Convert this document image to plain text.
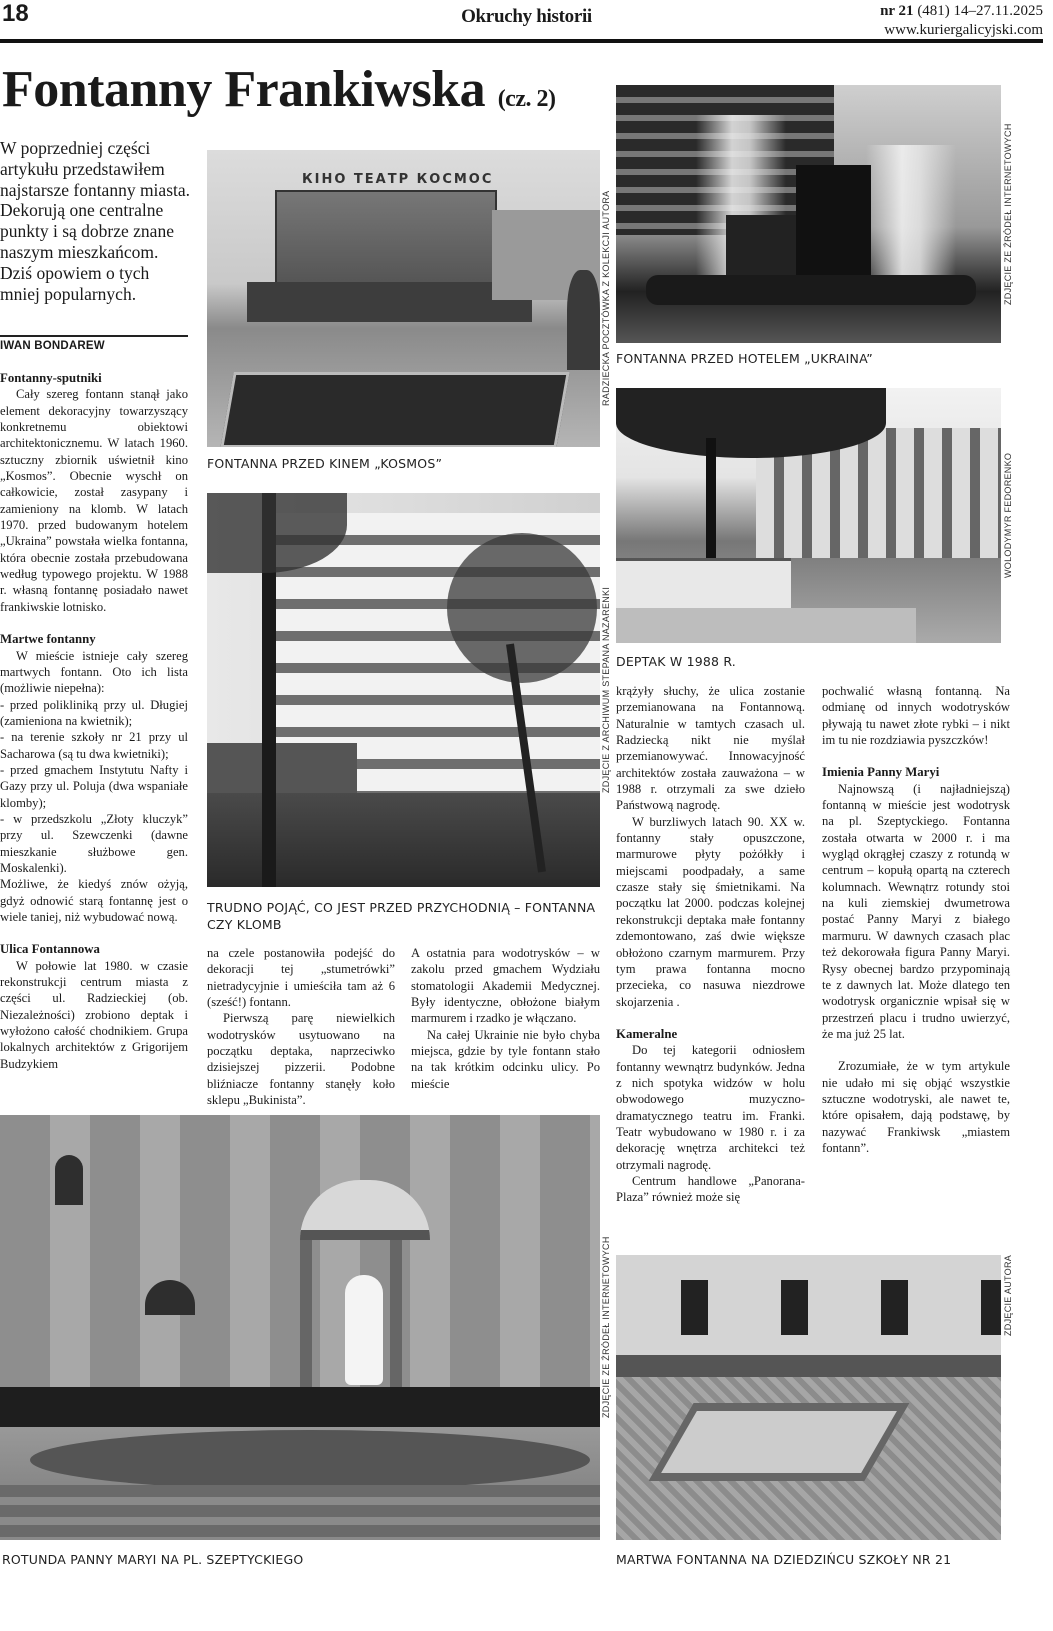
18	Okruchy historii	nr 21 (481) 14–27.11.2025
www.kuriergalicyjski.com
Fontanny Frankiwska (cz. 2)
W poprzedniej części artykułu przedstawiłem najstarsze fontanny miasta. Dekorują one centralne punkty i są dobrze znane naszym mieszkańcom. Dziś opowiem o tych mniej popularnych.
IWAN BONDAREW
Fontanny-sputniki

Cały szereg fontann stanął jako element dekoracyjny towarzyszący konkretnemu obiektowi architektonicznemu. W latach 1960. sztuczny zbiornik uświetnił kino „Kosmos”. Obecnie wyschł on całkowicie, został zasypany i zamieniony na klomb. W latach 1970. przed budowanym hotelem „Ukraina” powstała wielka fontanna, która obecnie została przebudowana według typowego projektu. W 1988 r. własną fontannę posiadało nawet frankiwskie lotnisko.

Martwe fontanny

W mieście istnieje cały szereg martwych fontann. Oto ich lista (możliwie niepełna):

- przed polikliniką przy ul. Długiej (zamieniona na kwietnik);

- na terenie szkoły nr 21 przy ul Sacharowa (są tu dwa kwietniki);

- przed gmachem Instytutu Nafty i Gazy przy ul. Poluja (dwa wspaniałe klomby);

- w przedszkolu „Złoty kluczyk” przy ul. Szewczenki (dawne mieszkanie służbowe gen. Moskalenki).

Możliwe, że kiedyś znów ożyją, gdyż odnowić starą fontannę jest o wiele taniej, niż wybudować nową.

Ulica Fontannowa

W połowie lat 1980. w czasie rekonstrukcji centrum miasta z części ul. Radzieckiej (ob. Niezależności) zrobiono deptak i wyłożono całość chodnikiem. Grupa lokalnych architektów z Grigorijem Budzykiem

КІНО ТЕАТР КОСМОС
RADZIECKA POCZTÓWKA Z KOLEKCJI AUTORA
FONTANNA PRZED KINEM „KOSMOS”
ZDJĘCIE Z ARCHIWUM STEPANA NAZARENKI
TRUDNO POJĄĆ, CO JEST PRZED PRZYCHODNIĄ – FONTANNA CZY KLOMB

na czele postanowiła podejść do dekoracji tej „stumetrówki” nietradycyjnie i umieściła tam aż 6 (sześć!) fontann.

Pierwszą parę niewielkich wodotrysków usytuowano na początku deptaka, naprzeciwko dzisiejszej pizzerii. Podobne bliźniacze fontanny stanęły koło sklepu „Bukinista”.

A ostatnia para wodotrysków – w zakolu przed gmachem Wydziału stomatologii Akademii Medycznej. Były identyczne, obłożone białym marmurem i rzadko je włączano.

Na całej Ukrainie nie było chyba miejsca, gdzie by tyle fontann stało na tak krótkim odcinku ulicy. Po mieście

ZDJĘCIE ZE ŹRÓDEŁ INTERNETOWYCH
FONTANNA PRZED HOTELEM „UKRAINA”
WOLODYMYR FEDORENKO
DEPTAK W 1988 R.

krążyły słuchy, że ulica zostanie przemianowana na Fontannową. Naturalnie w tamtych czasach ul. Radziecką nikt nie myślał przemianowywać. Innowacyjność architektów została zauważona – w 1988 r. otrzymali za swe dzieło Państwową nagrodę.

W burzliwych latach 90. XX w. fontanny stały opuszczone, marmurowe płyty pożółkły i miejscami poodpadały, a same czasze stały się śmietnikami. Na początku lat 2000. podczas kolejnej rekonstrukcji deptaka małe fontanny zdemontowano, zaś dwie większe obłożono czarnym marmurem. Przy tym prawa fontanna mocno przecieka, co nasuwa niezdrowe skojarzenia .

Kameralne

Do tej kategorii odniosłem fontanny wewnątrz budynków. Jedna z nich spotyka widzów w holu obwodowego muzyczno-dramatycznego teatru im. Franki. Teatr wybudowano w 1980 r. i za dekorację wnętrza architekci też otrzymali nagrodę.

Centrum handlowe „Panorana-Plaza” również może się

pochwalić własną fontanną. Na odmianę od innych wodotrysków pływają tu nawet złote rybki – i nikt im tu nie rozdziawia pyszczków!

Imienia Panny Maryi

Najnowszą (i najładniejszą) fontanną w mieście jest wodotrysk na pl. Szeptyckiego. Fontanna została otwarta w 2000 r. i ma wygląd okrągłej czaszy z rotundą w centrum – kopułą opartą na czterech kolumnach. Wewnątrz rotundy stoi na kuli ziemskiej dwumetrowa postać Panny Maryi z białego marmuru. W dawnych czasach plac też dekorowała figura Panny Maryi. Rysy obecnej bardzo przypominają te z dawnych lat. Może dlatego ten wodotrysk organicznie wpisał się w przestrzeń placu i trudno uwierzyć, że ma już 25 lat.

Zrozumiałe, że w tym artykule nie udało mi się objąć wszystkie sztuczne wodotryski, ale nawet te, które opisałem, dają podstawę, by nazywać Frankiwsk „miastem fontann”.

ZDJĘCIE ZE ŹRÓDEŁ INTERNETOWYCH
ROTUNDA PANNY MARYI NA PL. SZEPTYCKIEGO
ZDJĘCIE AUTORA
MARTWA FONTANNA NA DZIEDZIŃCU SZKOŁY NR 21
